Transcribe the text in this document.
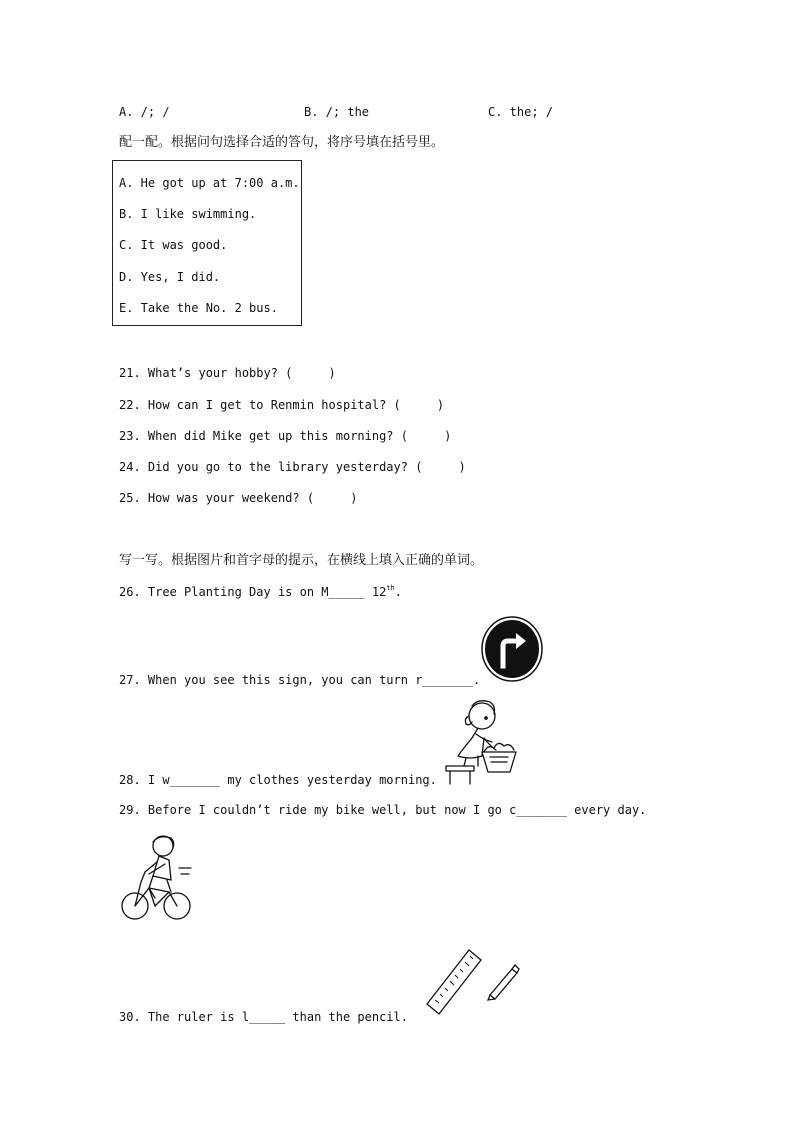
A. /; /	B. /; the	C. the; /
配一配。根据问句选择合适的答句，将序号填在括号里。
A. He got up at 7:00 a.m.
B. I like swimming.
C. It was good.
D. Yes, I did.
E. Take the No. 2 bus.
21. What’s your hobby? (     )
22. How can I get to Renmin hospital? (     )
23. When did Mike get up this morning? (     )
24. Did you go to the library yesterday? (     )
25. How was your weekend? (     )
写一写。根据图片和首字母的提示，在横线上填入正确的单词。
26. Tree Planting Day is on M_____ 12th.
27. When you see this sign, you can turn r_______.
28. I w_______ my clothes yesterday morning.
29. Before I couldn’t ride my bike well, but now I go c_______ every day.
30. The ruler is l_____ than the pencil.
